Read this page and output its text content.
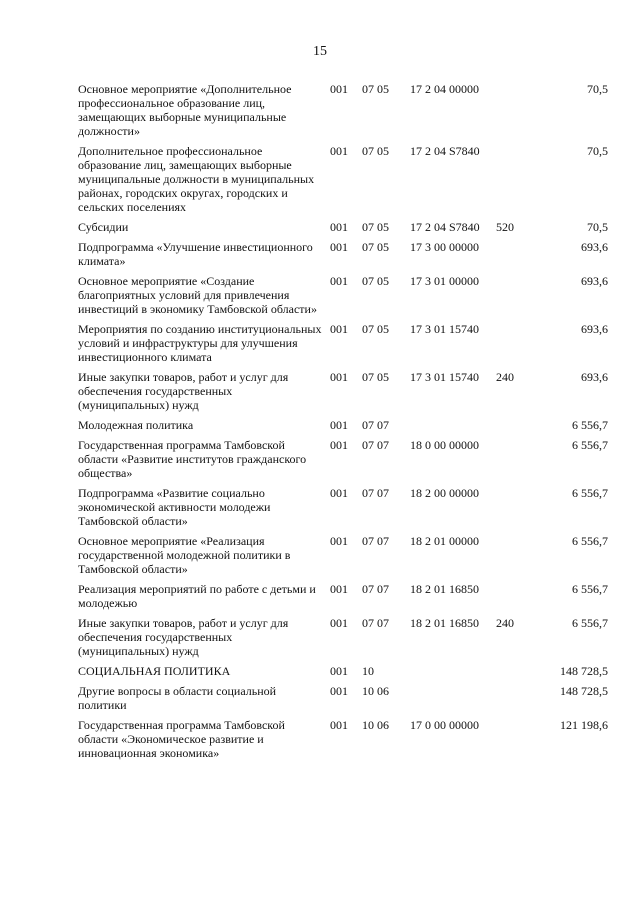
15
Основное мероприятие «Дополнительное профессиональное образование лиц, замещающих выборные муниципальные должности»	001	07 05	17 2 04 00000		70,5
Дополнительное профессиональное образование лиц, замещающих выборные муниципальные должности в муниципальных районах, городских округах, городских и сельских поселениях	001	07 05	17 2 04 S7840		70,5
Субсидии	001	07 05	17 2 04 S7840	520	70,5
Подпрограмма «Улучшение инвестиционного климата»	001	07 05	17 3 00 00000		693,6
Основное мероприятие «Создание благоприятных условий для привлечения инвестиций в экономику Тамбовской области»	001	07 05	17 3 01 00000		693,6
Мероприятия по созданию институциональных условий и инфраструктуры для улучшения инвестиционного климата	001	07 05	17 3 01 15740		693,6
Иные закупки товаров, работ и услуг для обеспечения государственных (муниципальных) нужд	001	07 05	17 3 01 15740	240	693,6
Молодежная политика	001	07 07			6 556,7
Государственная программа Тамбовской области «Развитие институтов гражданского общества»	001	07 07	18 0 00 00000		6 556,7
Подпрограмма «Развитие социально экономической активности молодежи Тамбовской области»	001	07 07	18 2 00 00000		6 556,7
Основное мероприятие «Реализация государственной молодежной политики в Тамбовской области»	001	07 07	18 2 01 00000		6 556,7
Реализация мероприятий по работе с детьми и молодежью	001	07 07	18 2 01 16850		6 556,7
Иные закупки товаров, работ и услуг для обеспечения государственных (муниципальных) нужд	001	07 07	18 2 01 16850	240	6 556,7
СОЦИАЛЬНАЯ ПОЛИТИКА	001	10			148 728,5
Другие вопросы в области социальной политики	001	10 06			148 728,5
Государственная программа Тамбовской области «Экономическое развитие и инновационная экономика»	001	10 06	17 0 00 00000		121 198,6
